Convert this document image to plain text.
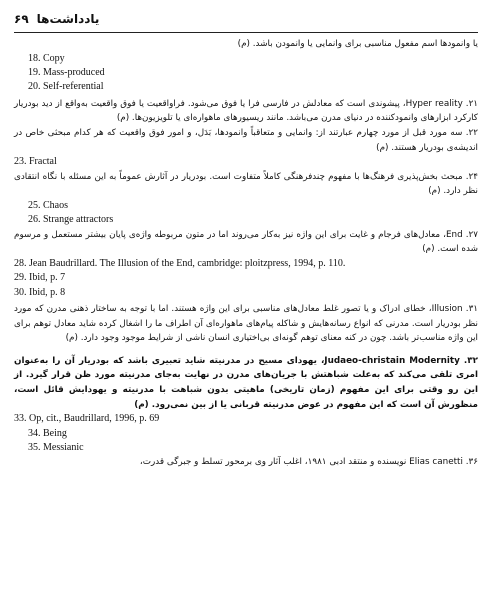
یادداشت‌ها
۶۹

یا وانمودها اسم مفعول مناسبی برای وانمایی یا وانمودن باشد. (م)

18. Copy

19. Mass-produced

20. Self-referential

۲۱. Hyper reality، پیشوندی است که معادلش در فارسی فرا یا فوق می‌شود. فراواقعیت یا فوق واقعیت به‌واقع از دید بودریار کارکرد ابزارهای وانمودکننده در دنیای مدرن می‌باشد. مانند ریسیورهای ماهواره‌ای یا تلویزیون‌ها. (م)

۲۲. سه مورد قبل از مورد چهارم عبارتند از: وانمایی و متعاقباً وانمودها، بَدَل، و امور فوق واقعیت که هر کدام مبحثی خاص در اندیشه‌ی بودریار هستند. (م)

23. Fractal

۲۴. مبحث بخش‌پذیری فرهنگ‌ها با مفهوم چندفرهنگی کاملاً متفاوت است. بودریار در آثارش عموماً به این مسئله با نگاه انتقادی نظر دارد. (م)

25. Chaos

26. Strange attractors

۲۷. End، معادل‌های فرجام و غایت برای این واژه نیز به‌کار می‌روند اما در متون مربوطه واژه‌ی پایان بیشتر مستعمل و مرسوم شده است. (م)

28. Jean Baudrillard. The Illusion of the End, cambridge: ploitzpress, 1994, p. 110.

29. Ibid, p. 7

30. Ibid, p. 8

۳۱. Illusion، خطای ادراک و یا تصور غلط معادل‌های مناسبی برای این واژه هستند. اما با توجه به ساختار ذهنی مدرن که مورد نظر بودریار است. مدرنی که انواع رسانه‌هایش و شاکله پیام‌های ماهواره‌ای آن اطراف ما را اشغال کرده شاید معادل توهم برای این واژه مناسب‌تر باشد. چون در کنه معنای توهم گونه‌ای بی‌اختیاری انسان ناشی از شرایط موجود وجود دارد. (م)

۳۲. Judaeo-christain Modernity، یهودای مسیح در مدرنیته شاید تعبیری باشد که بودریار آن را به‌عنوان امری تلقی می‌کند که به‌علت شباهتش با جریان‌های مدرن در نهایت به‌جای مدرنیته مورد ظن قرار گیرد. از این رو وقتی برای این مفهوم (زمان تاریخی) ماهیتی بدون شباهت با مدرنیته و یهودایش قائل است، منظورش آن است که این مفهوم در عوض مدرنیته قربانی یا از بین نمی‌رود. (م)

33. Op, cit., Baudrillard, 1996, p. 69

34. Being

35. Messianic

۳۶. Elias canetti نویسنده و منتقد ادبی ۱۹۸۱، اغلب آثار وی برمحور تسلط و جبرگی قدرت،
